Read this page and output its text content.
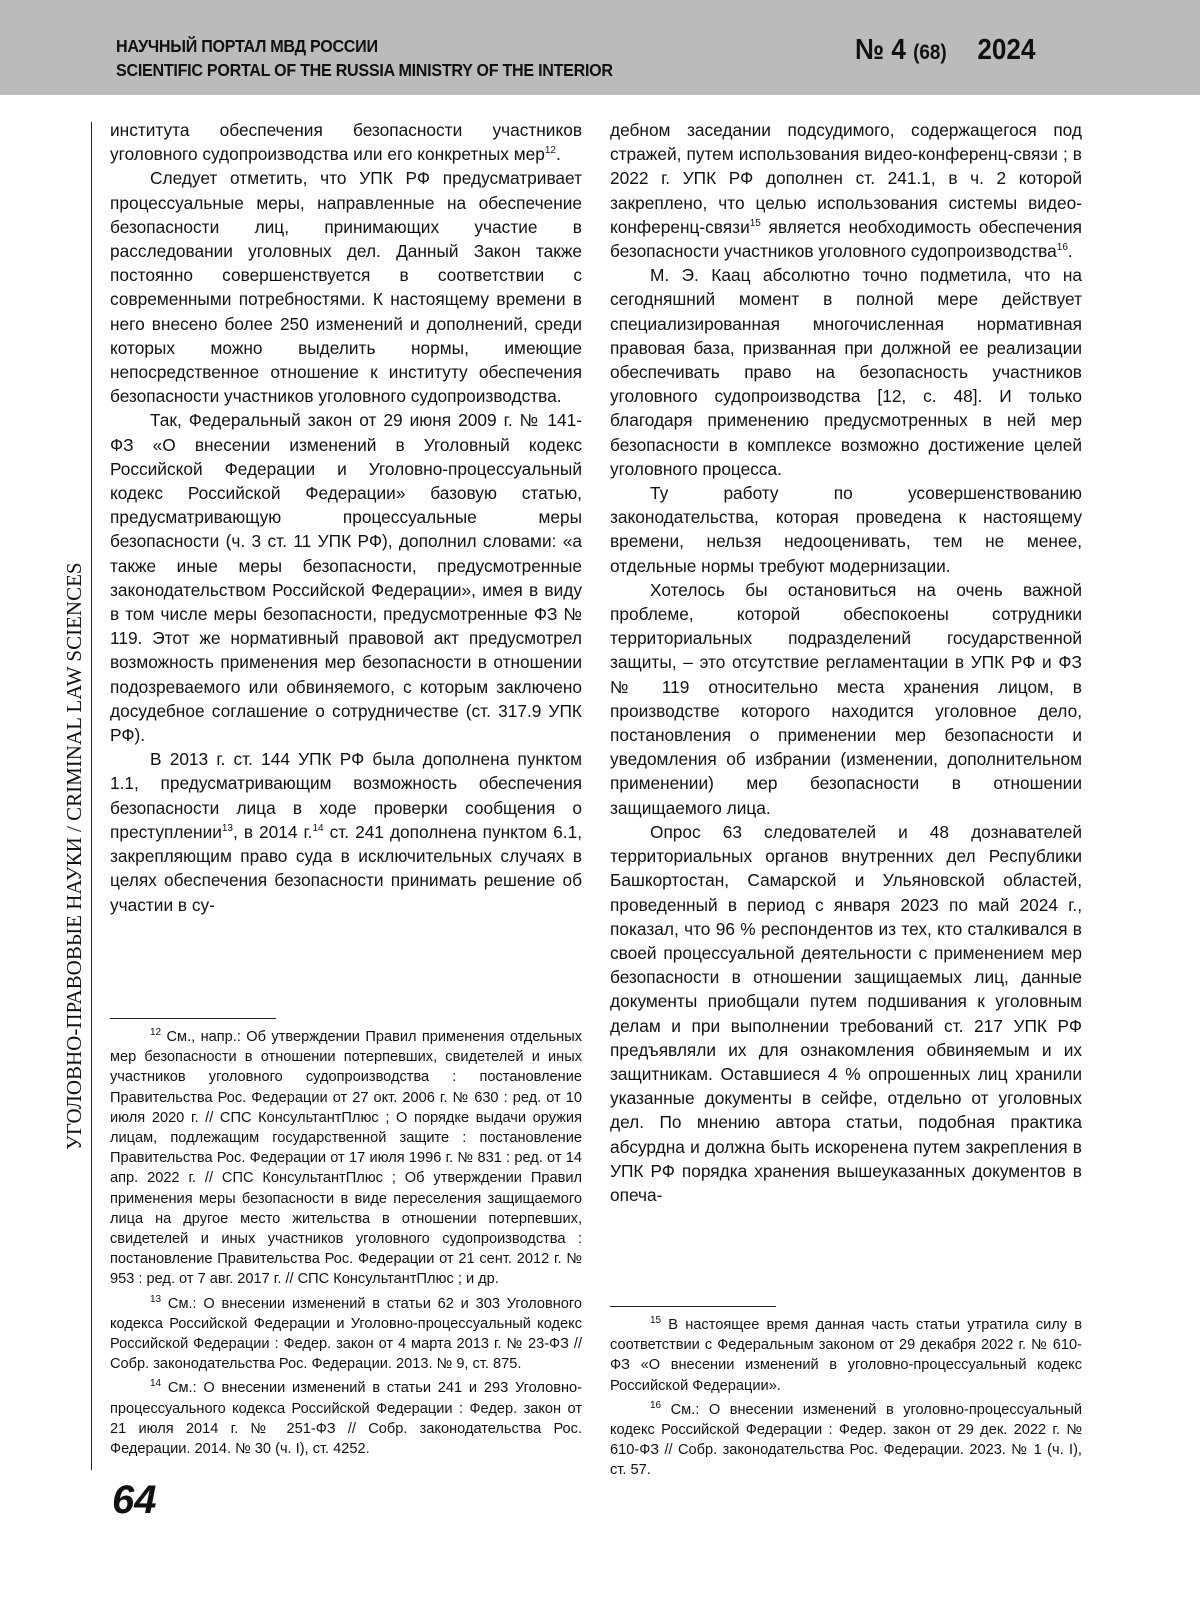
НАУЧНЫЙ ПОРТАЛ МВД РОССИИ
SCIENTIFIC PORTAL OF THE RUSSIA MINISTRY OF THE INTERIOR
№ 4 (68) 2024
УГОЛОВНО-ПРАВОВЫЕ НАУКИ / CRIMINAL LAW SCIENCES

института обеспечения безопасности участников уголовного судопроизводства или его конкретных мер12.

Следует отметить, что УПК РФ предусматривает процессуальные меры, направленные на обеспечение безопасности лиц, принимающих участие в расследовании уголовных дел. Данный Закон также постоянно совершенствуется в соответствии с современными потребностями. К настоящему времени в него внесено более 250 изменений и дополнений, среди которых можно выделить нормы, имеющие непосредственное отношение к институту обеспечения безопасности участников уголовного судопроизводства.

Так, Федеральный закон от 29 июня 2009 г. № 141-ФЗ «О внесении изменений в Уголовный кодекс Российской Федерации и Уголовно-процессуальный кодекс Российской Федерации» базовую статью, предусматривающую процессуальные меры безопасности (ч. 3 ст. 11 УПК РФ), дополнил словами: «а также иные меры безопасности, предусмотренные законодательством Российской Федерации», имея в виду в том числе меры безопасности, предусмотренные ФЗ № 119. Этот же нормативный правовой акт предусмотрел возможность применения мер безопасности в отношении подозреваемого или обвиняемого, с которым заключено досудебное соглашение о сотрудничестве (ст. 317.9 УПК РФ).

В 2013 г. ст. 144 УПК РФ была дополнена пунктом 1.1, предусматривающим возможность обеспечения безопасности лица в ходе проверки сообщения о преступлении13, в 2014 г.14 ст. 241 дополнена пунктом 6.1, закрепляющим право суда в исключительных случаях в целях обеспечения безопасности принимать решение об участии в су-

дебном заседании подсудимого, содержащегося под стражей, путем использования видео-конференц-связи ; в 2022 г. УПК РФ дополнен ст. 241.1, в ч. 2 которой закреплено, что целью использования системы видео-конференц-связи15 является необходимость обеспечения безопасности участников уголовного судопроизводства16.

М. Э. Каац абсолютно точно подметила, что на сегодняшний момент в полной мере действует специализированная многочисленная нормативная правовая база, призванная при должной ее реализации обеспечивать право на безопасность участников уголовного судопроизводства [12, с. 48]. И только благодаря применению предусмотренных в ней мер безопасности в комплексе возможно достижение целей уголовного процесса.

Ту работу по усовершенствованию законодательства, которая проведена к настоящему времени, нельзя недооценивать, тем не менее, отдельные нормы требуют модернизации.

Хотелось бы остановиться на очень важной проблеме, которой обеспокоены сотрудники территориальных подразделений государственной защиты, – это отсутствие регламентации в УПК РФ и ФЗ № 119 относительно места хранения лицом, в производстве которого находится уголовное дело, постановления о применении мер безопасности и уведомления об избрании (изменении, дополнительном применении) мер безопасности в отношении защищаемого лица.

Опрос 63 следователей и 48 дознавателей территориальных органов внутренних дел Республики Башкортостан, Самарской и Ульяновской областей, проведенный в период с января 2023 по май 2024 г., показал, что 96 % респондентов из тех, кто сталкивался в своей процессуальной деятельности с применением мер безопасности в отношении защищаемых лиц, данные документы приобщали путем подшивания к уголовным делам и при выполнении требований ст. 217 УПК РФ предъявляли их для ознакомления обвиняемым и их защитникам. Оставшиеся 4 % опрошенных лиц хранили указанные документы в сейфе, отдельно от уголовных дел. По мнению автора статьи, подобная практика абсурдна и должна быть искоренена путем закрепления в УПК РФ порядка хранения вышеуказанных документов в опеча-

12 См., напр.: Об утверждении Правил применения отдельных мер безопасности в отношении потерпевших, свидетелей и иных участников уголовного судопроизводства : постановление Правительства Рос. Федерации от 27 окт. 2006 г. № 630 : ред. от 10 июля 2020 г. // СПС КонсультантПлюс ; О порядке выдачи оружия лицам, подлежащим государственной защите : постановление Правительства Рос. Федерации от 17 июля 1996 г. № 831 : ред. от 14 апр. 2022 г. // СПС КонсультантПлюс ; Об утверждении Правил применения меры безопасности в виде переселения защищаемого лица на другое место жительства в отношении потерпевших, свидетелей и иных участников уголовного судопроизводства : постановление Правительства Рос. Федерации от 21 сент. 2012 г. № 953 : ред. от 7 авг. 2017 г. // СПС КонсультантПлюс ; и др.

13 См.: О внесении изменений в статьи 62 и 303 Уголовного кодекса Российской Федерации и Уголовно-процессуальный кодекс Российской Федерации : Федер. закон от 4 марта 2013 г. № 23-ФЗ // Собр. законодательства Рос. Федерации. 2013. № 9, ст. 875.

14 См.: О внесении изменений в статьи 241 и 293 Уголовно-процессуального кодекса Российской Федерации : Федер. закон от 21 июля 2014 г. № 251-ФЗ // Собр. законодательства Рос. Федерации. 2014. № 30 (ч. I), ст. 4252.

15 В настоящее время данная часть статьи утратила силу в соответствии с Федеральным законом от 29 декабря 2022 г. № 610-ФЗ «О внесении изменений в уголовно-процессуальный кодекс Российской Федерации».

16 См.: О внесении изменений в уголовно-процессуальный кодекс Российской Федерации : Федер. закон от 29 дек. 2022 г. № 610-ФЗ // Собр. законодательства Рос. Федерации. 2023. № 1 (ч. I), ст. 57.

64
